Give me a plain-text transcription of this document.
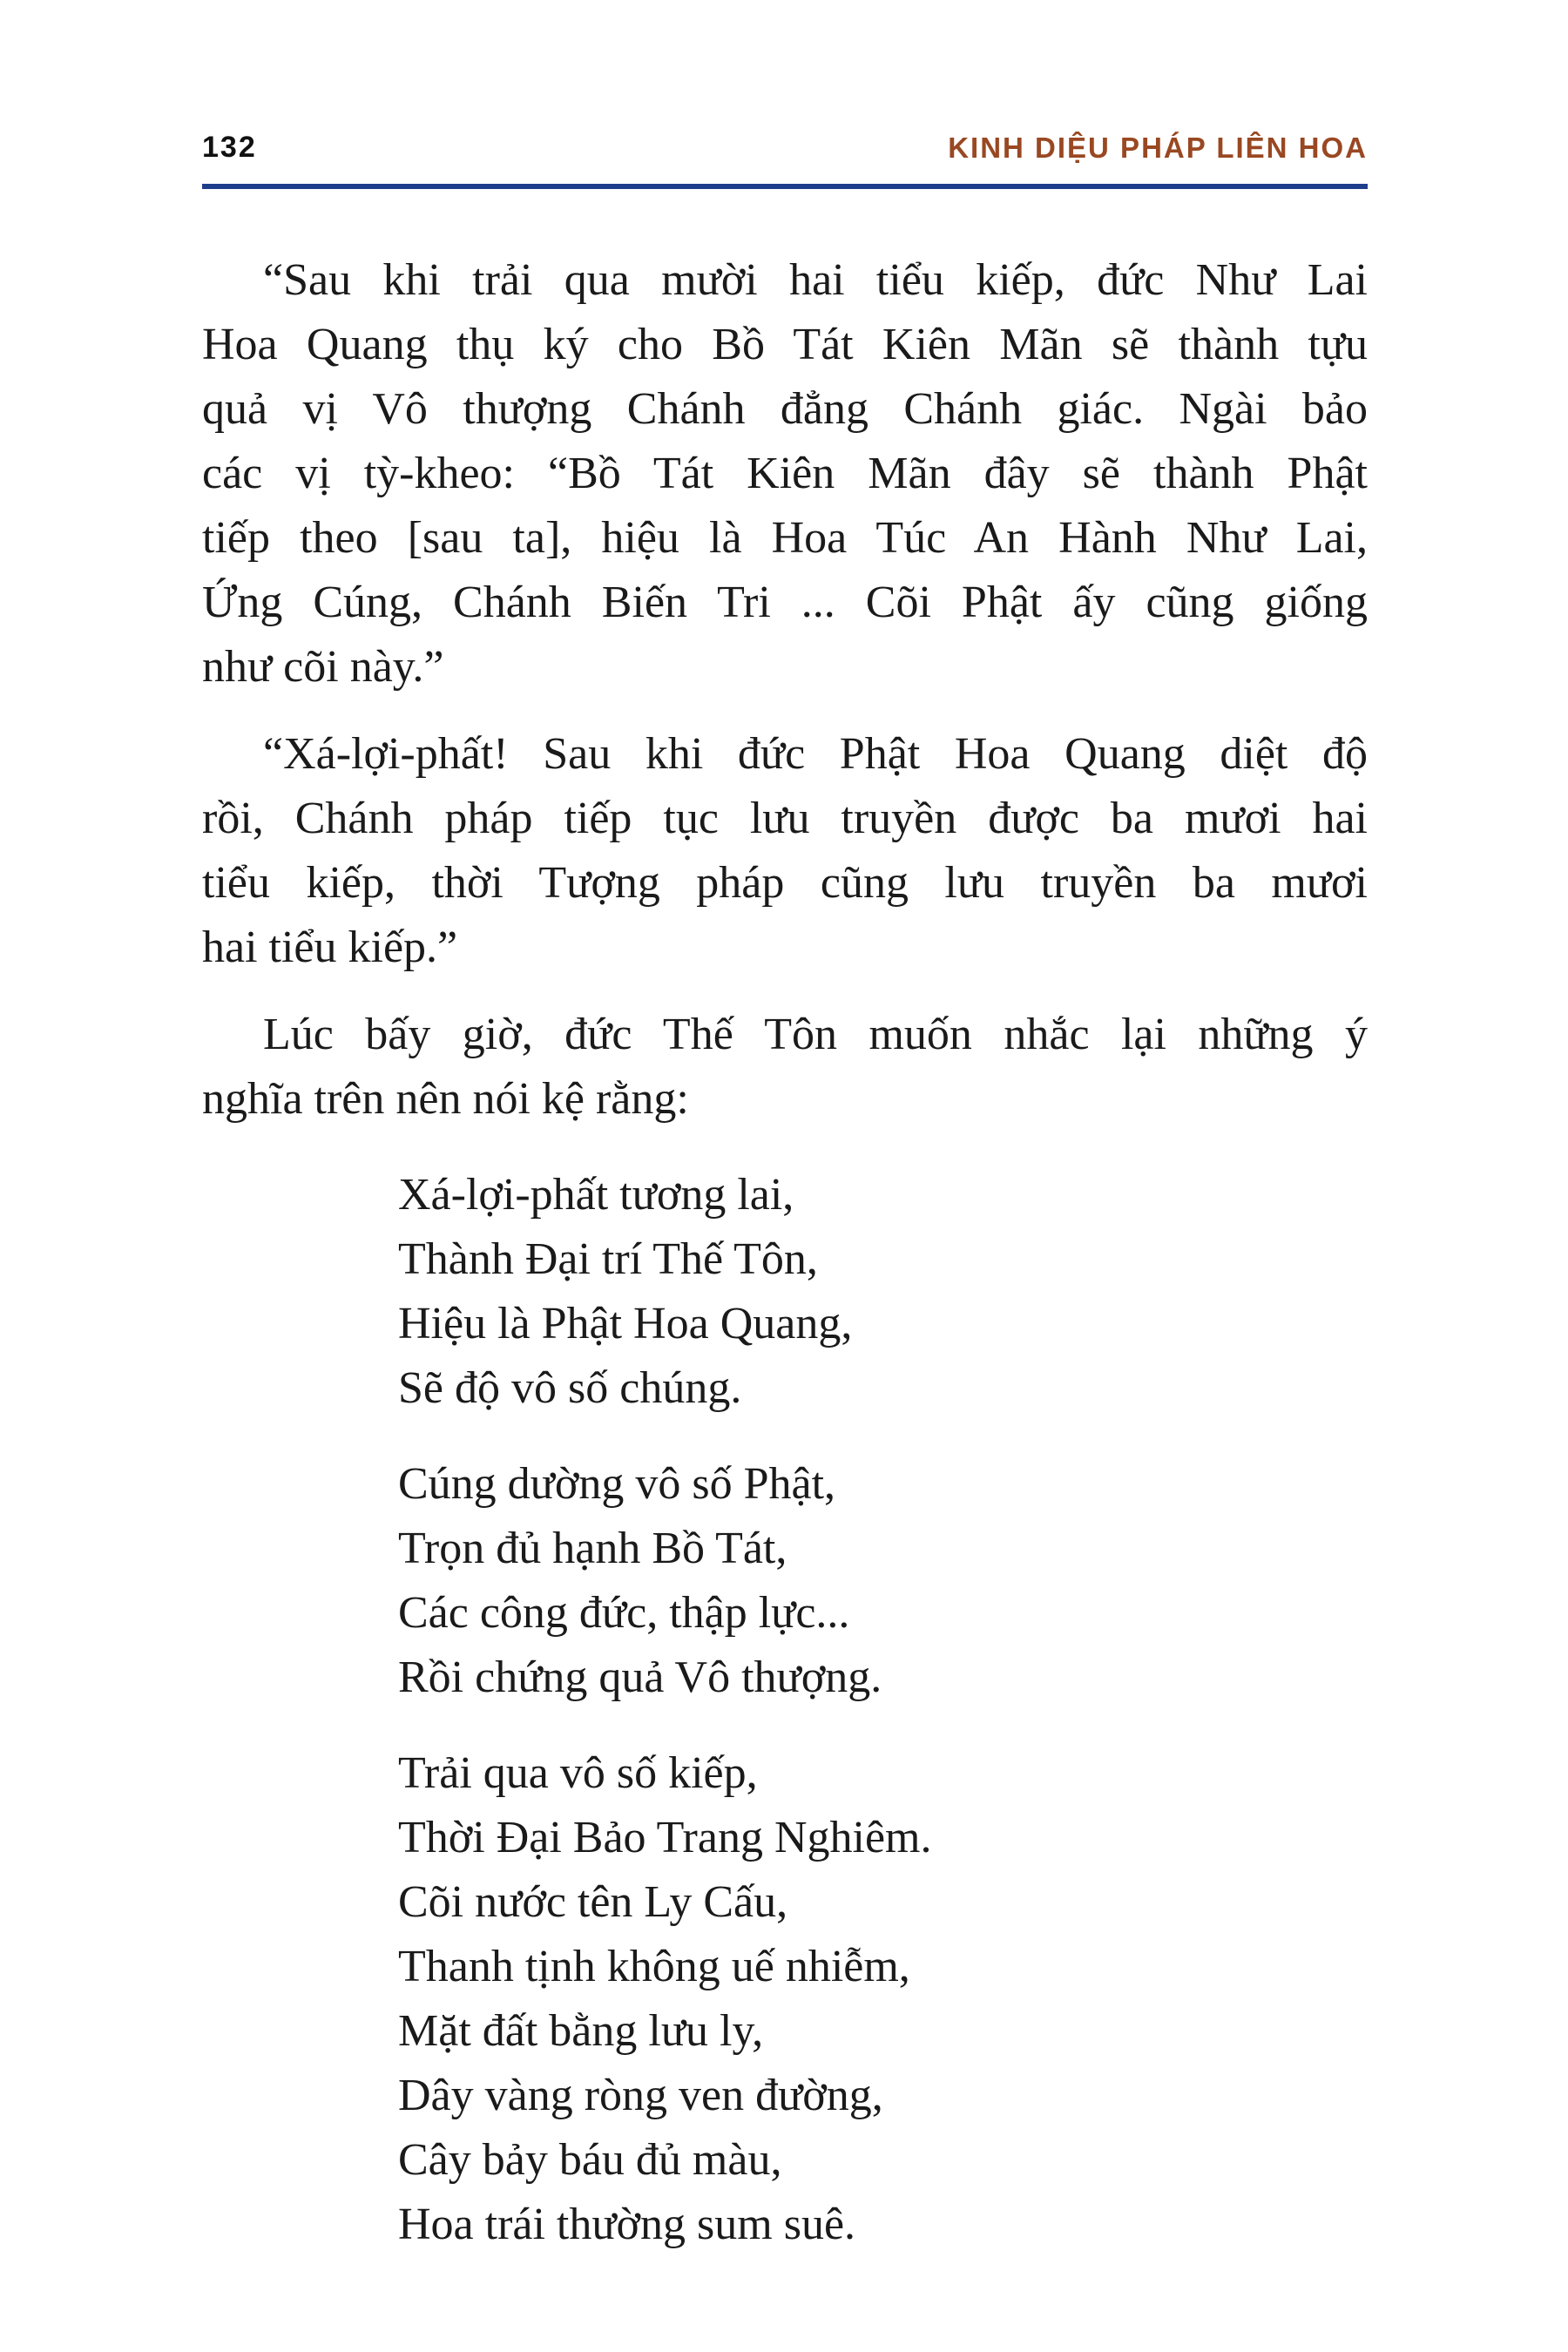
132	KINH DIỆU PHÁP LIÊN HOA
“Sau khi trải qua mười hai tiểu kiếp, đức Như Lai
Hoa Quang thụ ký cho Bồ Tát Kiên Mãn sẽ thành tựu
quả vị Vô thượng Chánh đẳng Chánh giác. Ngài bảo
các vị tỳ-kheo: “Bồ Tát Kiên Mãn đây sẽ thành Phật
tiếp theo [sau ta], hiệu là Hoa Túc An Hành Như Lai,
Ứng Cúng, Chánh Biến Tri ... Cõi Phật ấy cũng giống
như cõi này.”
“Xá-lợi-phất! Sau khi đức Phật Hoa Quang diệt độ
rồi, Chánh pháp tiếp tục lưu truyền được ba mươi hai
tiểu kiếp, thời Tượng pháp cũng lưu truyền ba mươi
hai tiểu kiếp.”
Lúc bấy giờ, đức Thế Tôn muốn nhắc lại những ý
nghĩa trên nên nói kệ rằng:
Xá-lợi-phất tương lai,
Thành Đại trí Thế Tôn,
Hiệu là Phật Hoa Quang,
Sẽ độ vô số chúng.
Cúng dường vô số Phật,
Trọn đủ hạnh Bồ Tát,
Các công đức, thập lực...
Rồi chứng quả Vô thượng.
Trải qua vô số kiếp,
Thời Đại Bảo Trang Nghiêm.
Cõi nước tên Ly Cấu,
Thanh tịnh không uế nhiễm,
Mặt đất bằng lưu ly,
Dây vàng ròng ven đường,
Cây bảy báu đủ màu,
Hoa trái thường sum suê.
